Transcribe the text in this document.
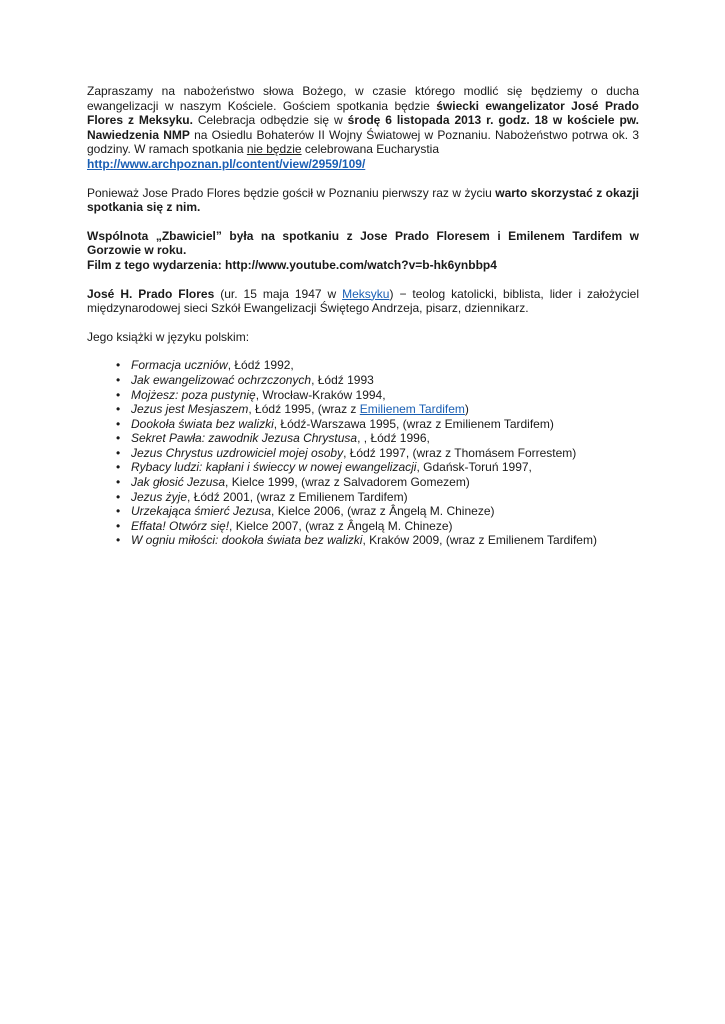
Zapraszamy na nabożeństwo słowa Bożego, w czasie którego modlić się będziemy o ducha ewangelizacji w naszym Kościele. Gościem spotkania będzie świecki ewangelizator José Prado Flores z Meksyku. Celebracja odbędzie się w środę 6 listopada 2013 r. godz. 18 w kościele pw. Nawiedzenia NMP na Osiedlu Bohaterów II Wojny Światowej w Poznaniu. Nabożeństwo potrwa ok. 3 godziny. W ramach spotkania nie będzie celebrowana Eucharystia
http://www.archpoznan.pl/content/view/2959/109/

Ponieważ Jose Prado Flores będzie gościł w Poznaniu pierwszy raz w życiu warto skorzystać z okazji spotkania się z nim.

Wspólnota „Zbawiciel” była na spotkaniu z Jose Prado Floresem i Emilenem Tardifem w Gorzowie w roku.
Film z tego wydarzenia: http://www.youtube.com/watch?v=b-hk6ynbbp4

José H. Prado Flores (ur. 15 maja 1947 w Meksyku) − teolog katolicki, biblista, lider i założyciel międzynarodowej sieci Szkół Ewangelizacji Świętego Andrzeja, pisarz, dziennikarz.

Jego książki w języku polskim:

• Formacja uczniów, Łódź 1992,
• Jak ewangelizować ochrzczonych, Łódź 1993
• Mojżesz: poza pustynię, Wrocław-Kraków 1994,
• Jezus jest Mesjaszem, Łódź 1995, (wraz z Emilienem Tardifem)
• Dookoła świata bez walizki, Łódź-Warszawa 1995, (wraz z Emilienem Tardifem)
• Sekret Pawła: zawodnik Jezusa Chrystusa, , Łódź 1996,
• Jezus Chrystus uzdrowiciel mojej osoby, Łódź 1997, (wraz z Thomásem Forrestem)
• Rybacy ludzi: kapłani i świeccy w nowej ewangelizacji, Gdańsk-Toruń 1997,
• Jak głosić Jezusa, Kielce 1999, (wraz z Salvadorem Gomezem)
• Jezus żyje, Łódź 2001, (wraz z Emilienem Tardifem)
• Urzekająca śmierć Jezusa, Kielce 2006, (wraz z Ângelą M. Chineze)
• Effata! Otwórz się!, Kielce 2007, (wraz z Ângelą M. Chineze)
• W ogniu miłości: dookoła świata bez walizki, Kraków 2009, (wraz z Emilienem Tardifem)
